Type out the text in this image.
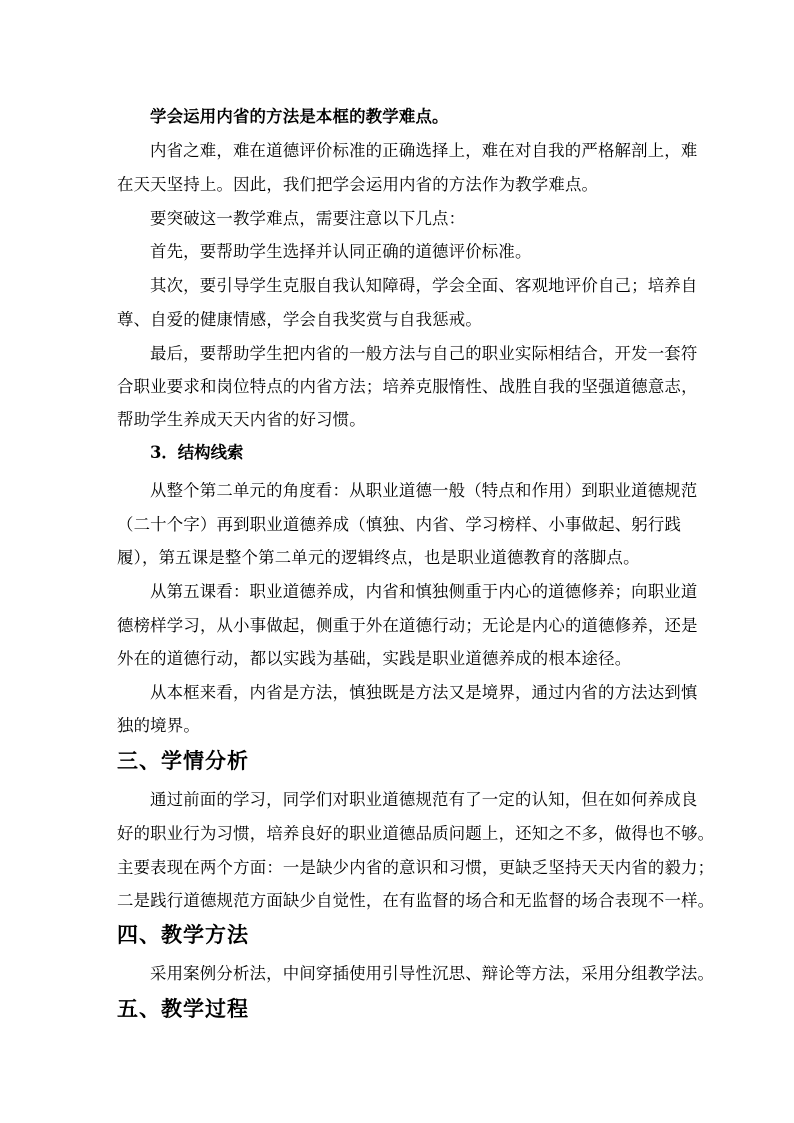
学会运用内省的方法是本框的教学难点。
内省之难，难在道德评价标准的正确选择上，难在对自我的严格解剖上，难
在天天坚持上。因此，我们把学会运用内省的方法作为教学难点。
要突破这一教学难点，需要注意以下几点：
首先，要帮助学生选择并认同正确的道德评价标准。
其次，要引导学生克服自我认知障碍，学会全面、客观地评价自己；培养自
尊、自爱的健康情感，学会自我奖赏与自我惩戒。
最后，要帮助学生把内省的一般方法与自己的职业实际相结合，开发一套符
合职业要求和岗位特点的内省方法；培养克服惰性、战胜自我的坚强道德意志，
帮助学生养成天天内省的好习惯。
3．结构线索
从整个第二单元的角度看：从职业道德一般（特点和作用）到职业道德规范
（二十个字）再到职业道德养成（慎独、内省、学习榜样、小事做起、躬行践
履），第五课是整个第二单元的逻辑终点，也是职业道德教育的落脚点。
从第五课看：职业道德养成，内省和慎独侧重于内心的道德修养；向职业道
德榜样学习，从小事做起，侧重于外在道德行动；无论是内心的道德修养，还是
外在的道德行动，都以实践为基础，实践是职业道德养成的根本途径。
从本框来看，内省是方法，慎独既是方法又是境界，通过内省的方法达到慎
独的境界。
三、学情分析
通过前面的学习，同学们对职业道德规范有了一定的认知，但在如何养成良
好的职业行为习惯，培养良好的职业道德品质问题上，还知之不多，做得也不够。
主要表现在两个方面：一是缺少内省的意识和习惯，更缺乏坚持天天内省的毅力；
二是践行道德规范方面缺少自觉性，在有监督的场合和无监督的场合表现不一样。
四、教学方法
采用案例分析法，中间穿插使用引导性沉思、辩论等方法，采用分组教学法。
五、教学过程
